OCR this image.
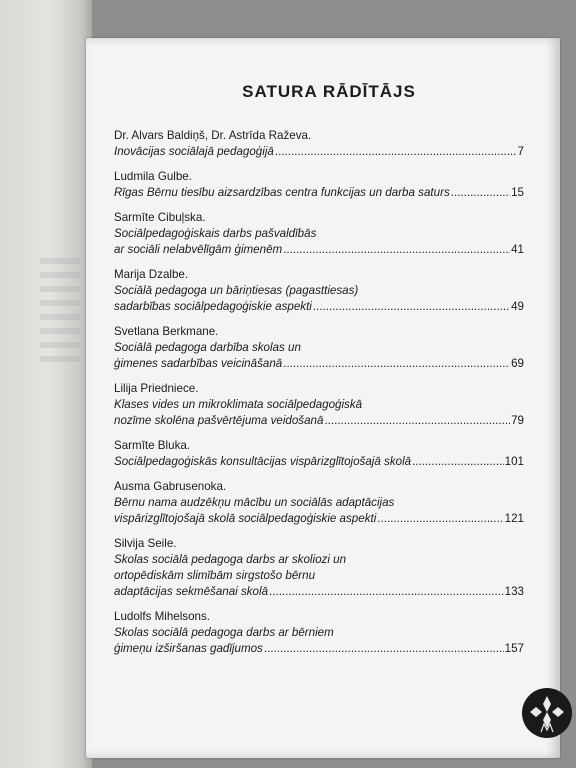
SATURA RĀDĪTĀJS
Dr. Alvars Baldiņš, Dr. Astrīda Raževa.
Inovācijas sociālajā pedagoģijā .....	7
Ludmila Gulbe.
Rīgas Bērnu tiesību aizsardzības centra funkcijas un darba saturs .....	15
Sarmīte Cibuļska.
Sociālpedagoģiskais darbs pašvaldībās
ar sociāli nelabvēlīgām ģimenēm .....	41
Marija Dzalbe.
Sociālā pedagoga un bāriņtiesas (pagasttiesas)
sadarbības sociālpedagoģiskie aspekti .....	49
Svetlana Berkmane.
Sociālā pedagoga darbība skolas un
ģimenes sadarbības veicināšanā .....	69
Lilija Priedniece.
Klases vides un mikroklimata sociālpedagoģiskā
nozīme skolēna pašvērtējuma veidošanā .....	79
Sarmīte Bluka.
Sociālpedagoģiskās konsultācijas vispārizglītojošajā skolā .....	101
Ausma Gabrusenoka.
Bērnu nama audzēkņu mācību un sociālās adaptācijas
vispārizglītojošajā skolā sociālpedagoģiskie aspekti .....	121
Silvija Seile.
Skolas sociālā pedagoga darbs ar skoliozi un
ortopēdiskām slimībām sirgstošo bērnu
adaptācijas sekmēšanai skolā .....	133
Ludolfs Mihelsons.
Skolas sociālā pedagoga darbs ar bērniem
ģimeņu izširšanas gadījumos .....	157
